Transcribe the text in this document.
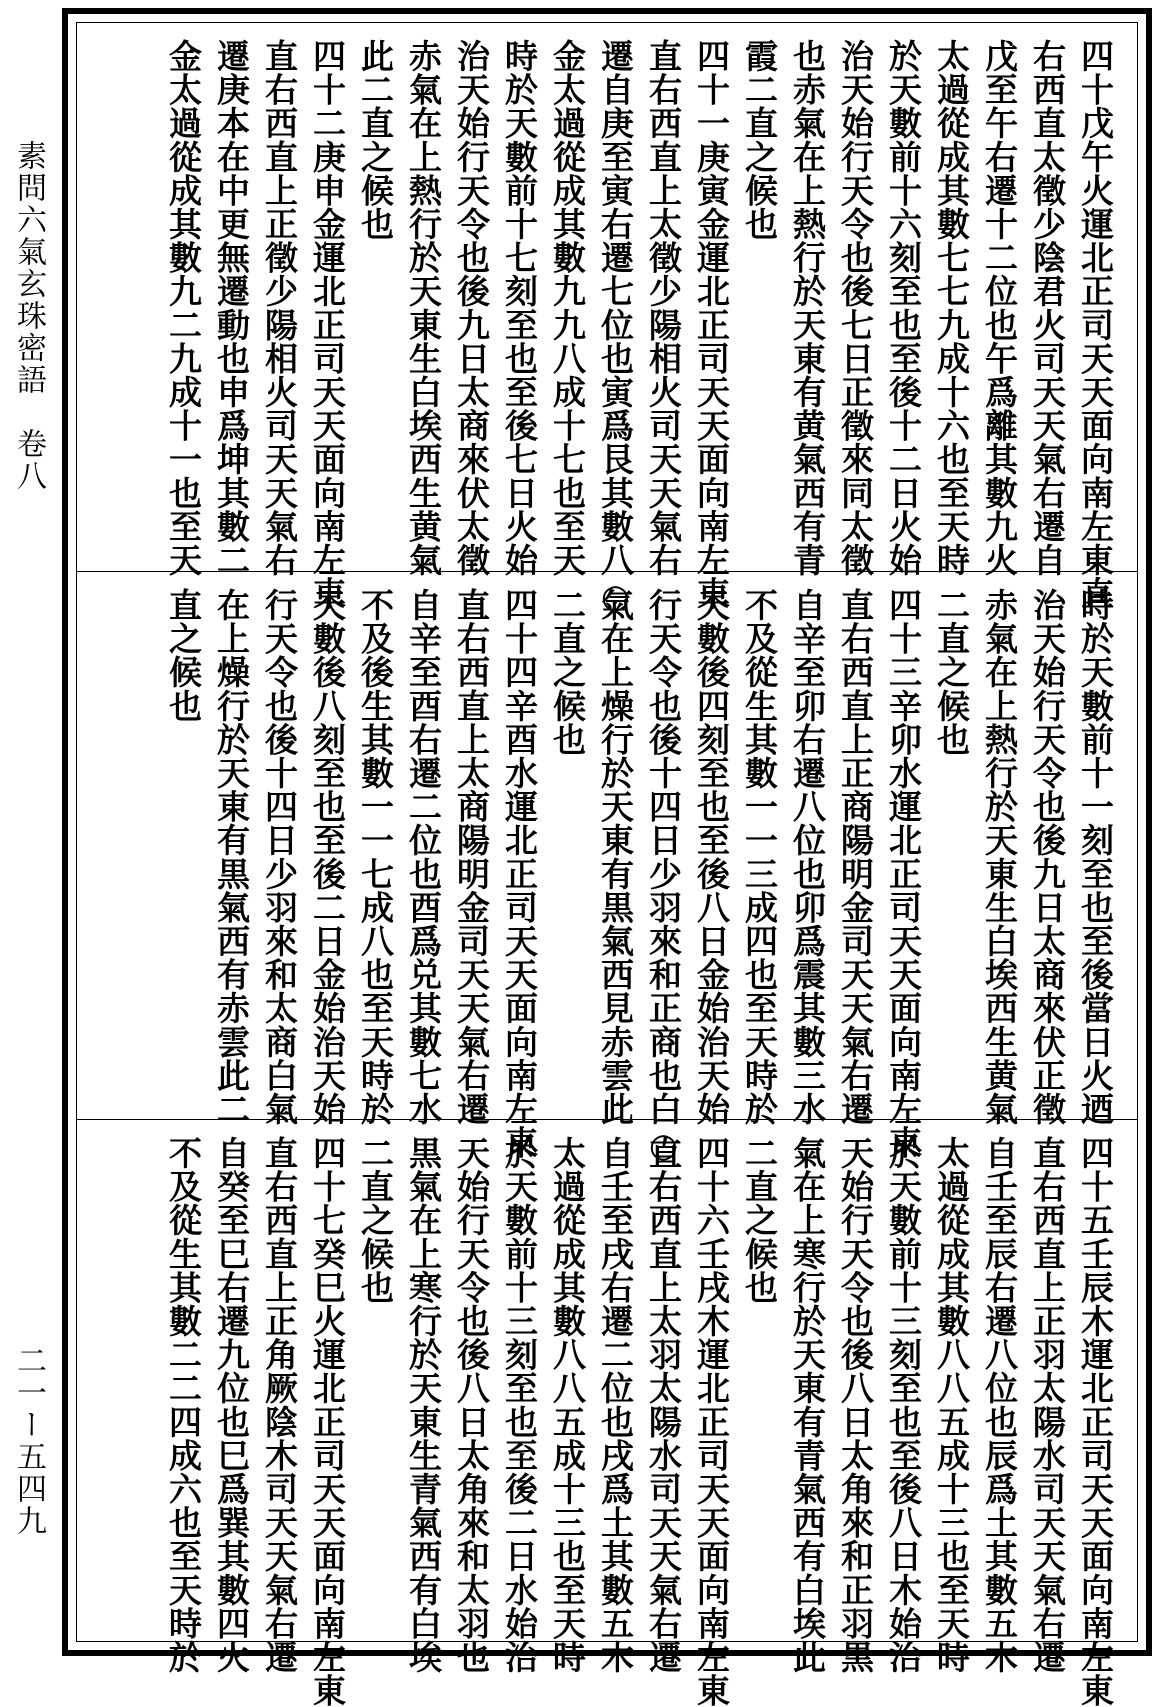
素問六氣玄珠密語　卷八
二一ー五四九
四十戊午火運北正司天天面向南左東直
右西直太徵少陰君火司天天氣右遷自
戊至午右遷十二位也午爲離其數九火
太過從成其數七七九成十六也至天時
於天數前十六刻至也至後十二日火始
治天始行天令也後七日正徵來同太徵
也赤氣在上熱行於天東有黄氣西有青
霞二直之候也
四十一庚寅金運北正司天天面向南左東
直右西直上太徵少陽相火司天天氣右
遷自庚至寅右遷七位也寅爲艮其數八○
金太過從成其數九九八成十七也至天
時於天數前十七刻至也至後七日火始
治天始行天令也後九日太商來伏太徵
赤氣在上熱行於天東生白埃西生黄氣
此二直之候也
四十二庚申金運北正司天天面向南左東
直右西直上正徵少陽相火司天天氣右
遷庚本在中更無遷動也申爲坤其數二
金太過從成其數九二九成十一也至天
時於天數前十一刻至也至後當日火迺
治天始行天令也後九日太商來伏正徵
赤氣在上熱行於天東生白埃西生黄氣
二直之候也
四十三辛卯水運北正司天天面向南左東
直右西直上正商陽明金司天天氣右遷
自辛至卯右遷八位也卯爲震其數三水
不及從生其數一一三成四也至天時於
天數後四刻至也至後八日金始治天始
行天令也後十四日少羽來和正商也白○
氣在上燥行於天東有黒氣西見赤雲此
二直之候也
四十四辛酉水運北正司天天面向南左東
直右西直上太商陽明金司天天氣右遷
自辛至酉右遷二位也酉爲兑其數七水
不及後生其數一一七成八也至天時於
天數後八刻至也至後二日金始治天始
行天令也後十四日少羽來和太商白氣
在上燥行於天東有黒氣西有赤雲此二
直之候也
四十五壬辰木運北正司天天面向南左東
直右西直上正羽太陽水司天天氣右遷
自壬至辰右遷八位也辰爲土其數五木
太過從成其數八八五成十三也至天時
於天數前十三刻至也至後八日木始治
天始行天令也後八日太角來和正羽黒
氣在上寒行於天東有青氣西有白埃此
二直之候也
四十六壬戌木運北正司天天面向南左東
直右西直上太羽太陽水司天天氣右遷
自壬至戌右遷二位也戌爲土其數五木
太過從成其數八八五成十三也至天時
於天數前十三刻至也至後二日水始治
天始行天令也後八日太角來和太羽也
黒氣在上寒行於天東生青氣西有白埃
二直之候也
四十七癸巳火運北正司天天面向南左東
直右西直上正角厥陰木司天天氣右遷
自癸至巳右遷九位也巳爲巽其數四火
不及從生其數二二四成六也至天時於
